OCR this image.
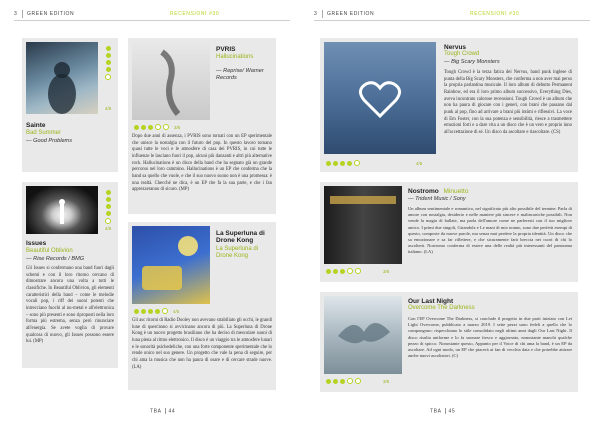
3 GREEN EDITION	RECENSIONI #30
4/5
Sainte
Bad Summer
— Good Problems
4/5
Issues
Beautiful Oblivion
— Rise Records / BMG
Gli Issues si confermano una band fuori dagli schemi e con il loro ritorno cercano di dimostrare ancora una volta a tutti le classifiche. In Beautiful Oblivion, gli elementi caratteristici della band – come le melodie vocali pop, i riff dei suoni potenti che intrecciano fuochi al nu-metal e all'elettronica – sono più presenti e sono riproposti nella loro forma più estrema, senza però rinunciare all'energia. Se avete voglia di provare qualcosa di nuovo, gli Issues possono essere lui. (MP)
PVRIS
Hallucinations
— Reprise/ Warner Records
3/5
Dopo due anni di assenza, i PVRIS sono tornati con un EP sperimentale che unisce la nostalgia con il futuro del pop. In questo lavoro tornano quasi tutte le voci e le atmosfere di casa dei PVRIS, in cui tutte le influenze le lasciano fuori il pop, alcuni più danzanti e altri più alternative rock. Hallucinations è un disco della band che ha segnato già un grande percorso nel loro cammino. Hallucinations è un EP che conferma che la band sa quello che vuole, e che il suo nuovo suono non è una promessa: è una realtà. Checché ne dica, è un EP che fa la sua parte, e che i fan apprezzeranno di sicuro. (MP)
La Superluna di Drone Kong
La Superluna di Drone Kong
4/5
Gli asc ritorni di Radio Dooley non avevano strabiliato gli occhi, le grandi lune di quest'anno si avvicinano ancora di più. La Superluna di Drone Kong è un nuovo progetto brasiliano che ha deciso di mescolare suoni di luna piena al ritmo elettronico. Il disco è un viaggio tra le atmosfere lunari e le sonorità psichedeliche, con una forte componente sperimentale che lo rende unico nel suo genere. Un progetto che vale la pena di seguire, per chi ama la musica che non ha paura di osare e di cercare strade nuove. (LA)
TBA 44
3 GREEN EDITION	RECENSIONI #30
4/5
Nervus
Tough Crowd
— Big Scary Monsters
Tough Crowd è la terza fatica dei Nervus, band punk inglese di punta della Big Scary Monsters, che conferma a non aver mai perso la propria parlantina musicale. Il loro album di debutto Permanent Rainbow, ed era il loro primo album successivo, Everything Dies, aveva incontrato calorose recensioni. Tough Crowd è un album che non ha paura di giocare con i generi, con brani che passano dal punk al pop, fino ad arrivare a brani più intimi e riflessivi. La voce di Em Foster, con la sua potenza e sensibilità, riesce a trasmettere emozioni forti e a dare vita a un disco che è un vero e proprio inno all'accettazione di sé. Un disco da ascoltare e riascoltare. (CS)
3/5
Nostromo Minuetto
— Trident Music / Sony
Un album sentimentale e romantico, nel significato più alto possibile del termine. Parla di amore con nostalgia, desiderio e nelle maniere più sincere e malinconiche possibili. Non vende la magia di ballate, ma parla dell'amore come ne parleresti con il tuo migliore amico. I primi due singoli, Girandola e Le mani di mio nonno, sono due perfetti esempi di questo, composte da nuove parole, ma senza mai perdere la propria identità. Un disco che sa emozionare e sa far riflettere, e che sicuramente farà breccia nei cuori di chi lo ascolterà. Nostromo conferma di essere una delle realtà più interessanti del panorama italiano. (LA)
3/5
Our Last Night
Overcome The Darkness
Con l'EP Overcome The Darkness, si conclude il progetto in due parti iniziato con Let Light Overcome, pubblicato a marzo 2019. I sette pezzi sono fedeli a quello che lo compongono: rispecchiano lo stile consolidato negli ultimi anni dagli Our Last Night. Il disco risulta uniforme e lo fa suonare fresco e aggiornato, nonostante manchi qualche pezzo di spicco. Nonostante questo, Appunto per il Voice di chi ama la band, è un EP da ascoltare. Ad ogni modo, un EP che piacerà ai fan di vecchia data e che potrebbe attirare anche nuovi ascoltatori. (C)
TBA 45
